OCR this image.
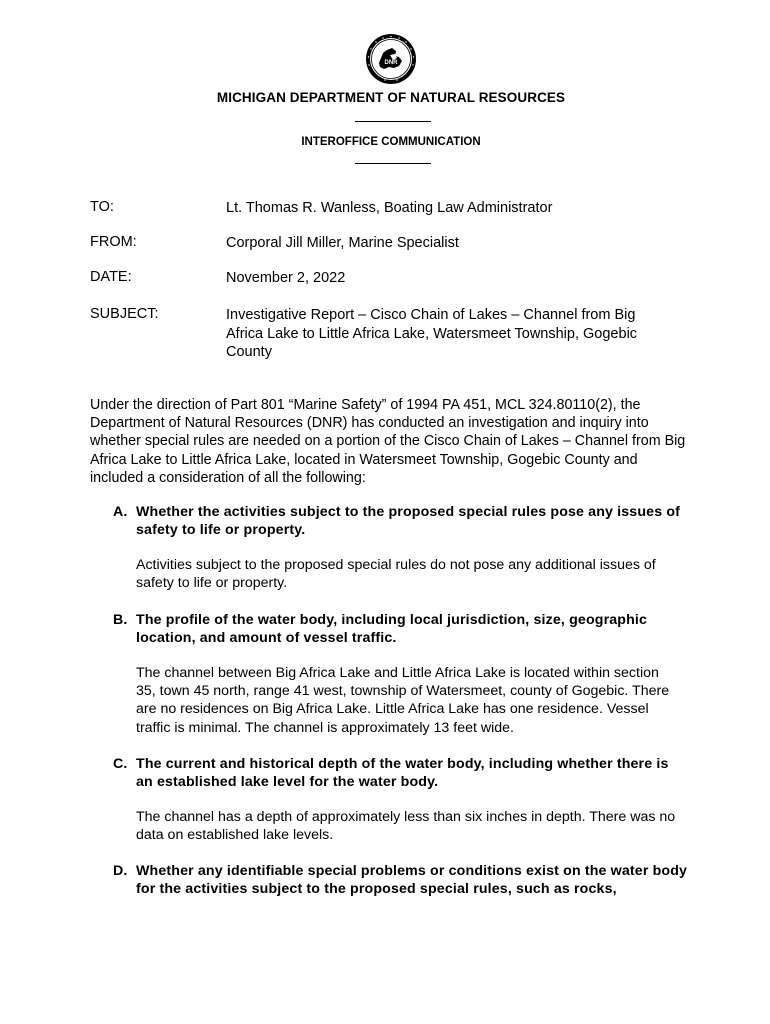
DNR
MICHIGAN DEPARTMENT OF NATURAL RESOURCES
INTEROFFICE COMMUNICATION
TO:	Lt. Thomas R. Wanless, Boating Law Administrator
FROM:	Corporal Jill Miller, Marine Specialist
DATE:	November 2, 2022
SUBJECT:	Investigative Report – Cisco Chain of Lakes – Channel from Big Africa Lake to Little Africa Lake, Watersmeet Township, Gogebic County
Under the direction of Part 801 “Marine Safety” of 1994 PA 451, MCL 324.80110(2), the Department of Natural Resources (DNR) has conducted an investigation and inquiry into whether special rules are needed on a portion of the Cisco Chain of Lakes – Channel from Big Africa Lake to Little Africa Lake, located in Watersmeet Township, Gogebic County and included a consideration of all the following:
A. Whether the activities subject to the proposed special rules pose any issues of safety to life or property.
Activities subject to the proposed special rules do not pose any additional issues of safety to life or property.
B. The profile of the water body, including local jurisdiction, size, geographic location, and amount of vessel traffic.
The channel between Big Africa Lake and Little Africa Lake is located within section 35, town 45 north, range 41 west, township of Watersmeet, county of Gogebic. There are no residences on Big Africa Lake. Little Africa Lake has one residence. Vessel traffic is minimal. The channel is approximately 13 feet wide.
C. The current and historical depth of the water body, including whether there is an established lake level for the water body.
The channel has a depth of approximately less than six inches in depth. There was no data on established lake levels.
D. Whether any identifiable special problems or conditions exist on the water body for the activities subject to the proposed special rules, such as rocks,
